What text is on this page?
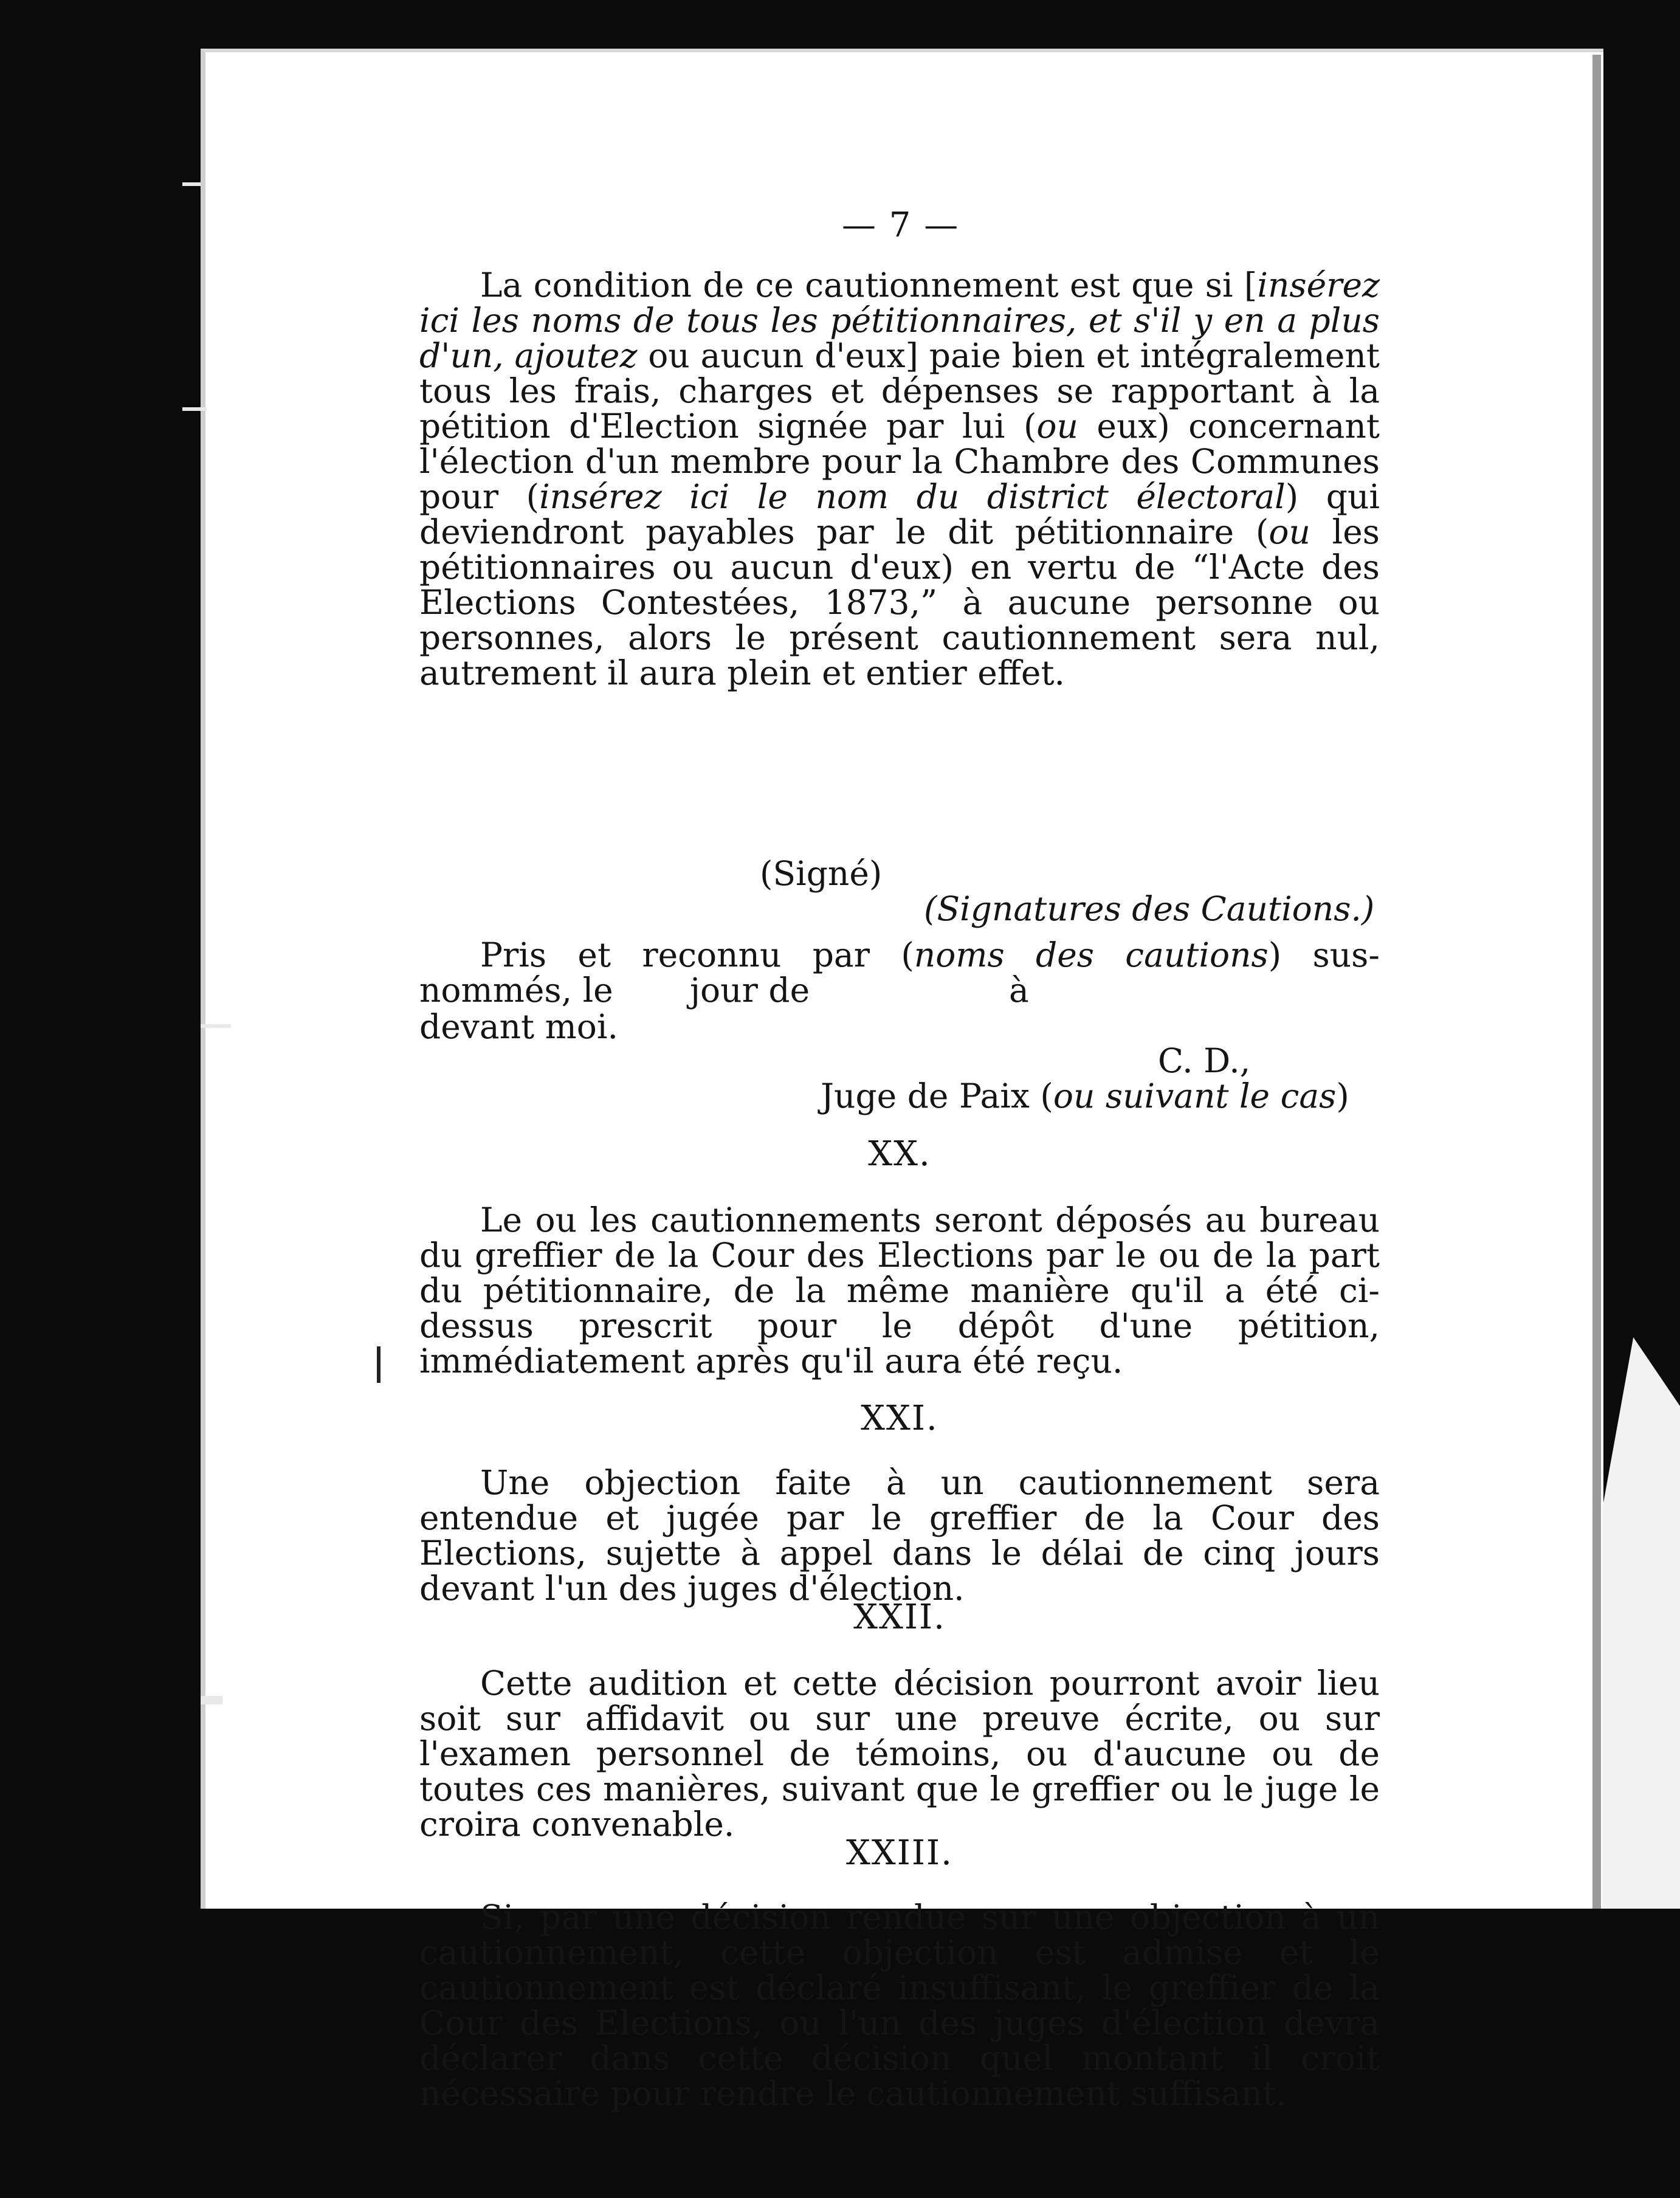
— 7 —
La condition de ce cautionnement est que si [insérez ici les noms de tous les pétitionnaires, et s'il y en a plus d'un, ajoutez ou aucun d'eux] paie bien et intégralement tous les frais, charges et dépenses se rapportant à la pétition d'Election signée par lui (ou eux) concernant l'élection d'un membre pour la Chambre des Communes pour (insérez ici le nom du district électoral) qui deviendront payables par le dit pétitionnaire (ou les pétitionnaires ou aucun d'eux) en vertu de “l'Acte des Elections Contestées, 1873,” à aucune personne ou personnes, alors le présent cautionnement sera nul, autrement il aura plein et entier effet.
(Signé)
(Signatures des Cautions.)
Pris et reconnu par (noms des cautions) sus-nommés, le	jour de	à
devant moi.
C. D.,
Juge de Paix (ou suivant le cas)
XX.
Le ou les cautionnements seront déposés au bureau du greffier de la Cour des Elections par le ou de la part du pétitionnaire, de la même manière qu'il a été ci-dessus prescrit pour le dépôt d'une pétition, immédiatement après qu'il aura été reçu.
XXI.
Une objection faite à un cautionnement sera entendue et jugée par le greffier de la Cour des Elections, sujette à appel dans le délai de cinq jours devant l'un des juges d'élection.
XXII.
Cette audition et cette décision pourront avoir lieu soit sur affidavit ou sur une preuve écrite, ou sur l'examen personnel de témoins, ou d'aucune ou de toutes ces manières, suivant que le greffier ou le juge le croira convenable.
XXIII.
Si, par une décision rendue sur une objection à un cautionnement, cette objection est admise et le cautionnement est déclaré insuffisant, le greffier de la Cour des Elections, ou l'un des juges d'élection devra déclarer dans cette décision quel montant il croit nécessaire pour rendre le cautionnement suffisant.
